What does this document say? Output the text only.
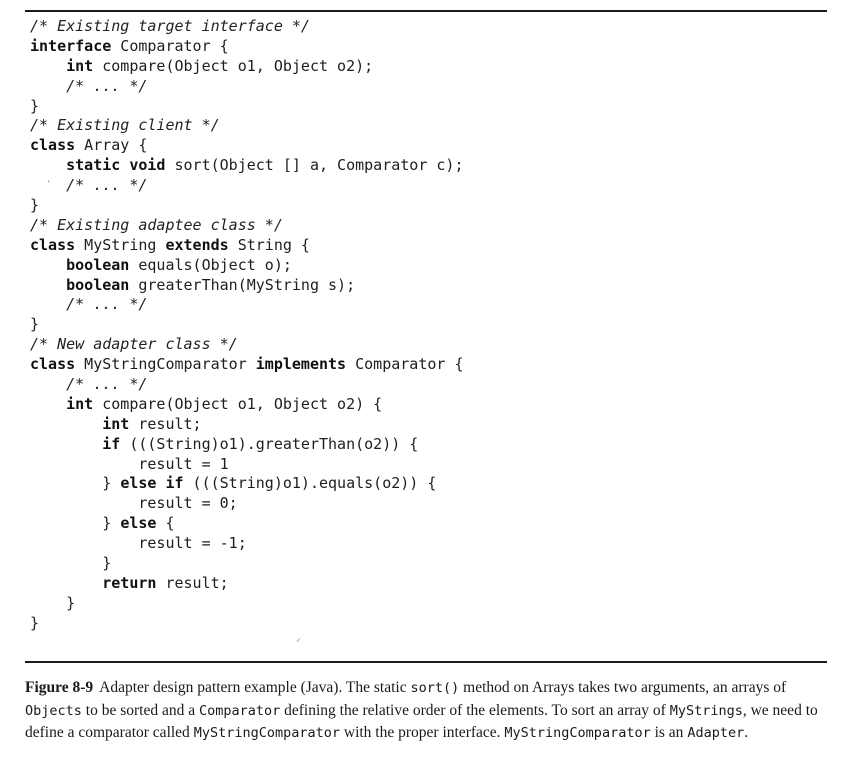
/* Existing target interface */
interface Comparator {
int compare(Object o1, Object o2);
/* ... */
}
/* Existing client */
class Array {
static void sort(Object [] a, Comparator c);
/* ... */
}
/* Existing adaptee class */
class MyString extends String {
boolean equals(Object o);
boolean greaterThan(MyString s);
/* ... */
}
/* New adapter class */
class MyStringComparator implements Comparator {
/* ... */
int compare(Object o1, Object o2) {
int result;
if (((String)o1).greaterThan(o2)) {
result = 1
} else if (((String)o1).equals(o2)) {
result = 0;
} else {
result = -1;
}
return result;
}
}
Figure 8-9 Adapter design pattern example (Java). The static sort() method on Arrays takes two arguments, an arrays of Objects to be sorted and a Comparator defining the relative order of the elements. To sort an array of MyStrings, we need to define a comparator called MyStringComparator with the proper interface. MyStringComparator is an Adapter.
·
⸝
